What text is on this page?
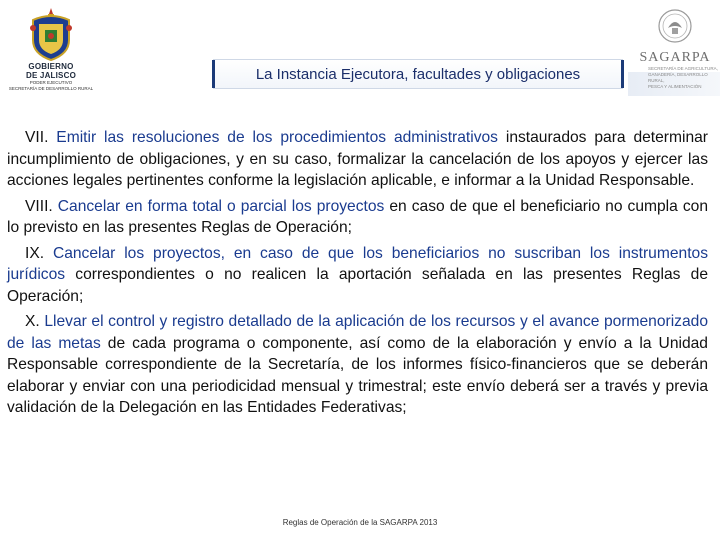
GOBIERNO
DE JALISCO
PODER EJECUTIVO
SECRETARÍA DE DESARROLLO RURAL
SAGARPA
SECRETARÍA DE AGRICULTURA,
GANADERÍA, DESARROLLO RURAL,
PESCA Y ALIMENTACIÓN
La Instancia Ejecutora, facultades y obligaciones

VII. Emitir las resoluciones de los procedimientos administrativos instaurados para determinar incumplimiento de obligaciones, y en su caso, formalizar la cancelación de los apoyos y ejercer las acciones legales pertinentes conforme la legislación aplicable, e informar a la Unidad Responsable.

VIII. Cancelar en forma total o parcial los proyectos en caso de que el beneficiario no cumpla con lo previsto en las presentes Reglas de Operación;

IX. Cancelar los proyectos, en caso de que los beneficiarios no suscriban los instrumentos jurídicos correspondientes o no realicen la aportación señalada en las presentes Reglas de Operación;

X. Llevar el control y registro detallado de la aplicación de los recursos y el avance pormenorizado de las metas de cada programa o componente, así como de la elaboración y envío a la Unidad Responsable correspondiente de la Secretaría, de los informes físico-financieros que se deberán elaborar y enviar con una periodicidad mensual y trimestral; este envío deberá ser a través y previa validación de la Delegación en las Entidades Federativas;

Reglas de Operación de la SAGARPA 2013
